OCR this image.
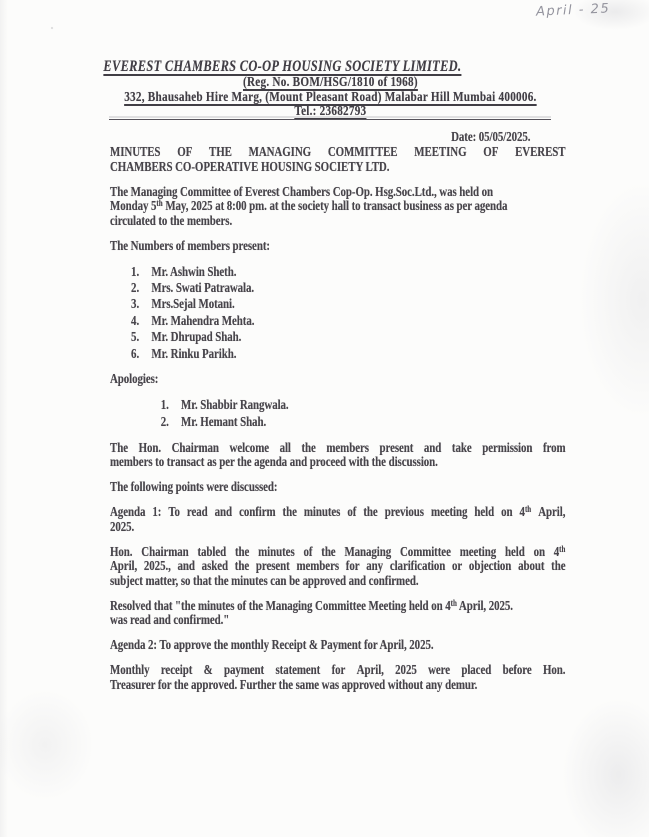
April - 25
EVEREST CHAMBERS CO-OP HOUSING SOCIETY LIMITED.
(Reg. No. BOM/HSG/1810 of 1968)
332, Bhausaheb Hire Marg, (Mount Pleasant Road) Malabar Hill Mumbai 400006.
Tel.: 23682793
Date: 05/05/2025.
MINUTES OF THE MANAGING COMMITTEE MEETING OF EVEREST
CHAMBERS CO-OPERATIVE HOUSING SOCIETY LTD.
The Managing Committee of Everest Chambers Cop-Op. Hsg.Soc.Ltd., was held on
Monday 5th May, 2025 at 8:00 pm. at the society hall to transact business as per agenda
circulated to the members.
The Numbers of members present:
1. Mr. Ashwin Sheth.
2. Mrs. Swati Patrawala.
3. Mrs.Sejal Motani.
4. Mr. Mahendra Mehta.
5. Mr. Dhrupad Shah.
6. Mr. Rinku Parikh.
Apologies:
1. Mr. Shabbir Rangwala.
2. Mr. Hemant Shah.
The Hon. Chairman welcome all the members present and take permission from
members to transact as per the agenda and proceed with the discussion.
The following points were discussed:
Agenda 1: To read and confirm the minutes of the previous meeting held on 4th April,
2025.
Hon. Chairman tabled the minutes of the Managing Committee meeting held on 4th
April, 2025., and asked the present members for any clarification or objection about the
subject matter, so that the minutes can be approved and confirmed.
Resolved that "the minutes of the Managing Committee Meeting held on 4th April, 2025.
was read and confirmed."
Agenda 2: To approve the monthly Receipt & Payment for April, 2025.
Monthly receipt & payment statement for April, 2025 were placed before Hon.
Treasurer for the approved. Further the same was approved without any demur.
